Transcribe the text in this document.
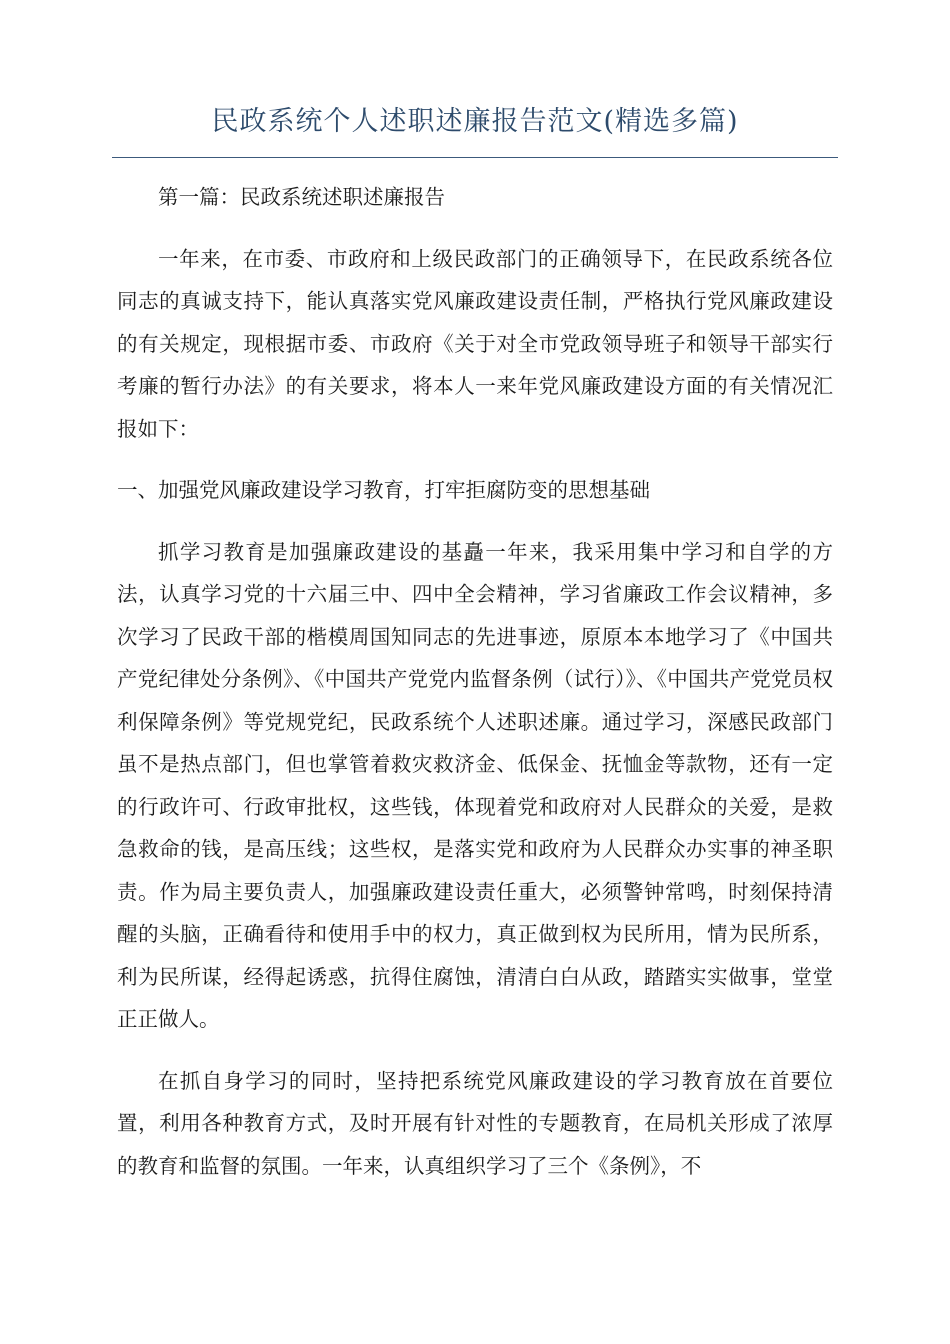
民政系统个人述职述廉报告范文(精选多篇)

第一篇：民政系统述职述廉报告

一年来，在市委、市政府和上级民政部门的正确领导下，在民政系统各位同志的真诚支持下，能认真落实党风廉政建设责任制，严格执行党风廉政建设的有关规定，现根据市委、市政府《关于对全市党政领导班子和领导干部实行考廉的暂行办法》的有关要求，将本人一来年党风廉政建设方面的有关情况汇报如下：

一、加强党风廉政建设学习教育，打牢拒腐防变的思想基础

抓学习教育是加强廉政建设的基矗一年来，我采用集中学习和自学的方法，认真学习党的十六届三中、四中全会精神，学习省廉政工作会议精神，多次学习了民政干部的楷模周国知同志的先进事迹，原原本本地学习了《中国共产党纪律处分条例》、《中国共产党党内监督条例（试行）》、《中国共产党党员权利保障条例》等党规党纪，民政系统个人述职述廉。通过学习，深感民政部门虽不是热点部门，但也掌管着救灾救济金、低保金、抚恤金等款物，还有一定的行政许可、行政审批权，这些钱，体现着党和政府对人民群众的关爱，是救急救命的钱，是高压线；这些权，是落实党和政府为人民群众办实事的神圣职责。作为局主要负责人，加强廉政建设责任重大，必须警钟常鸣，时刻保持清醒的头脑，正确看待和使用手中的权力，真正做到权为民所用，情为民所系，利为民所谋，经得起诱惑，抗得住腐蚀，清清白白从政，踏踏实实做事，堂堂正正做人。

在抓自身学习的同时，坚持把系统党风廉政建设的学习教育放在首要位置，利用各种教育方式，及时开展有针对性的专题教育，在局机关形成了浓厚的教育和监督的氛围。一年来，认真组织学习了三个《条例》，不
